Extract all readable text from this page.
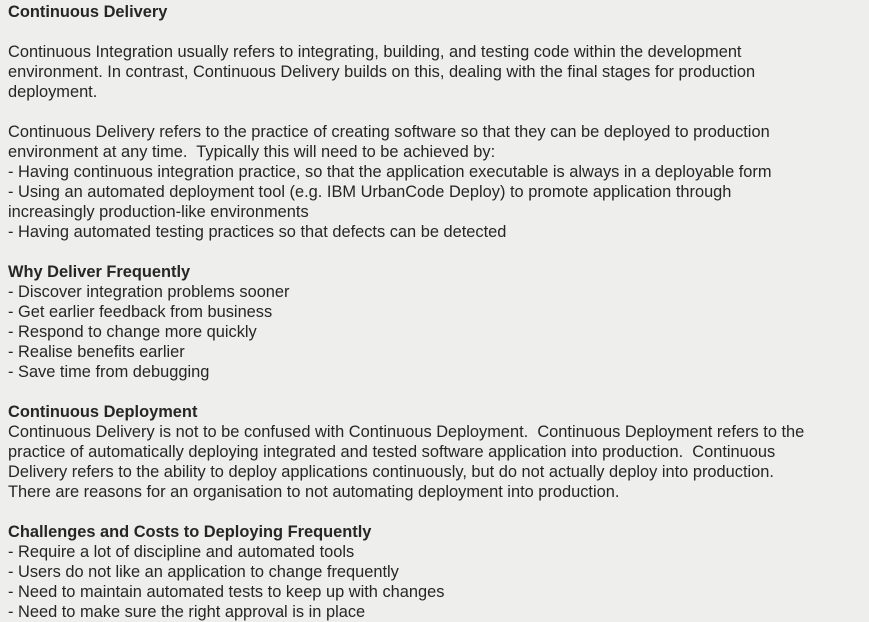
Continuous Delivery
Continuous Integration usually refers to integrating, building, and testing code within the development
environment. In contrast, Continuous Delivery builds on this, dealing with the final stages for production
deployment.
Continuous Delivery refers to the practice of creating software so that they can be deployed to production
environment at any time.  Typically this will need to be achieved by:
- Having continuous integration practice, so that the application executable is always in a deployable form
- Using an automated deployment tool (e.g. IBM UrbanCode Deploy) to promote application through
increasingly production-like environments
- Having automated testing practices so that defects can be detected
Why Deliver Frequently
- Discover integration problems sooner
- Get earlier feedback from business
- Respond to change more quickly
- Realise benefits earlier
- Save time from debugging
Continuous Deployment
Continuous Delivery is not to be confused with Continuous Deployment.  Continuous Deployment refers to the
practice of automatically deploying integrated and tested software application into production.  Continuous
Delivery refers to the ability to deploy applications continuously, but do not actually deploy into production.
There are reasons for an organisation to not automating deployment into production.
Challenges and Costs to Deploying Frequently
- Require a lot of discipline and automated tools
- Users do not like an application to change frequently
- Need to maintain automated tests to keep up with changes
- Need to make sure the right approval is in place
